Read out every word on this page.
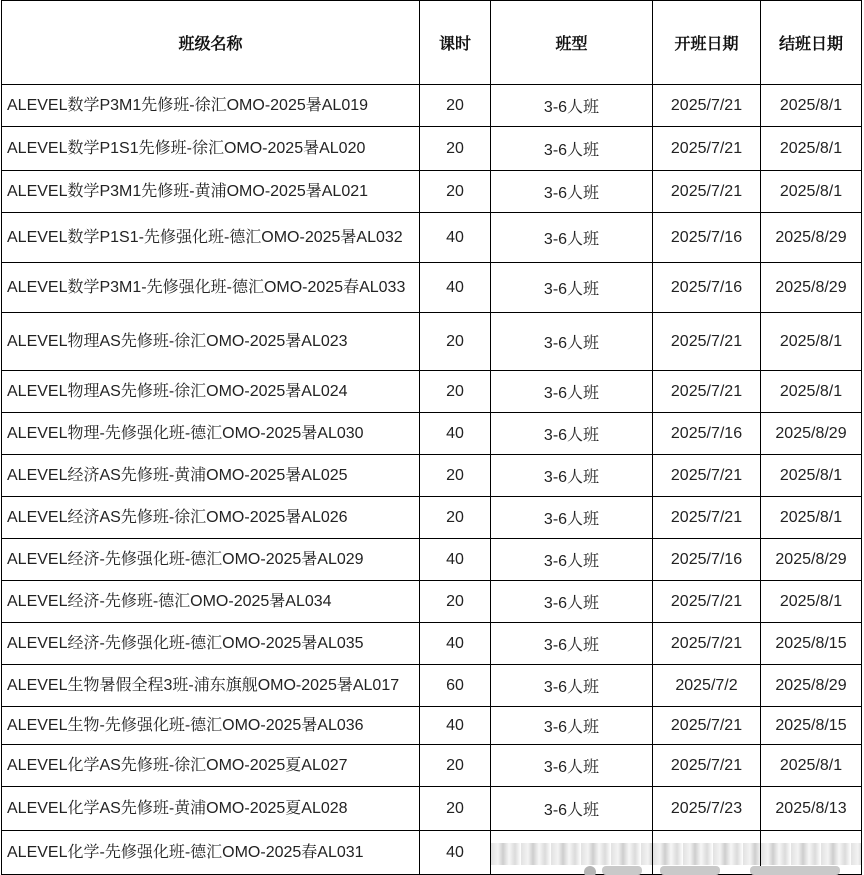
班级名称	课时	班型	开班日期	结班日期
ALEVEL数学P3M1先修班-徐汇OMO-2025暑AL019	20	3-6人班	2025/7/21	2025/8/1
ALEVEL数学P1S1先修班-徐汇OMO-2025暑AL020	20	3-6人班	2025/7/21	2025/8/1
ALEVEL数学P3M1先修班-黄浦OMO-2025暑AL021	20	3-6人班	2025/7/21	2025/8/1
ALEVEL数学P1S1-先修强化班-德汇OMO-2025暑AL032	40	3-6人班	2025/7/16	2025/8/29
ALEVEL数学P3M1-先修强化班-德汇OMO-2025春AL033	40	3-6人班	2025/7/16	2025/8/29
ALEVEL物理AS先修班-徐汇OMO-2025暑AL023	20	3-6人班	2025/7/21	2025/8/1
ALEVEL物理AS先修班-徐汇OMO-2025暑AL024	20	3-6人班	2025/7/21	2025/8/1
ALEVEL物理-先修强化班-德汇OMO-2025暑AL030	40	3-6人班	2025/7/16	2025/8/29
ALEVEL经济AS先修班-黄浦OMO-2025暑AL025	20	3-6人班	2025/7/21	2025/8/1
ALEVEL经济AS先修班-徐汇OMO-2025暑AL026	20	3-6人班	2025/7/21	2025/8/1
ALEVEL经济-先修强化班-德汇OMO-2025暑AL029	40	3-6人班	2025/7/16	2025/8/29
ALEVEL经济-先修班-德汇OMO-2025暑AL034	20	3-6人班	2025/7/21	2025/8/1
ALEVEL经济-先修强化班-德汇OMO-2025暑AL035	40	3-6人班	2025/7/21	2025/8/15
ALEVEL生物暑假全程3班-浦东旗舰OMO-2025暑AL017	60	3-6人班	2025/7/2	2025/8/29
ALEVEL生物-先修强化班-德汇OMO-2025暑AL036	40	3-6人班	2025/7/21	2025/8/15
ALEVEL化学AS先修班-徐汇OMO-2025夏AL027	20	3-6人班	2025/7/21	2025/8/1
ALEVEL化学AS先修班-黄浦OMO-2025夏AL028	20	3-6人班	2025/7/23	2025/8/13
ALEVEL化学-先修强化班-德汇OMO-2025春AL031	40	
